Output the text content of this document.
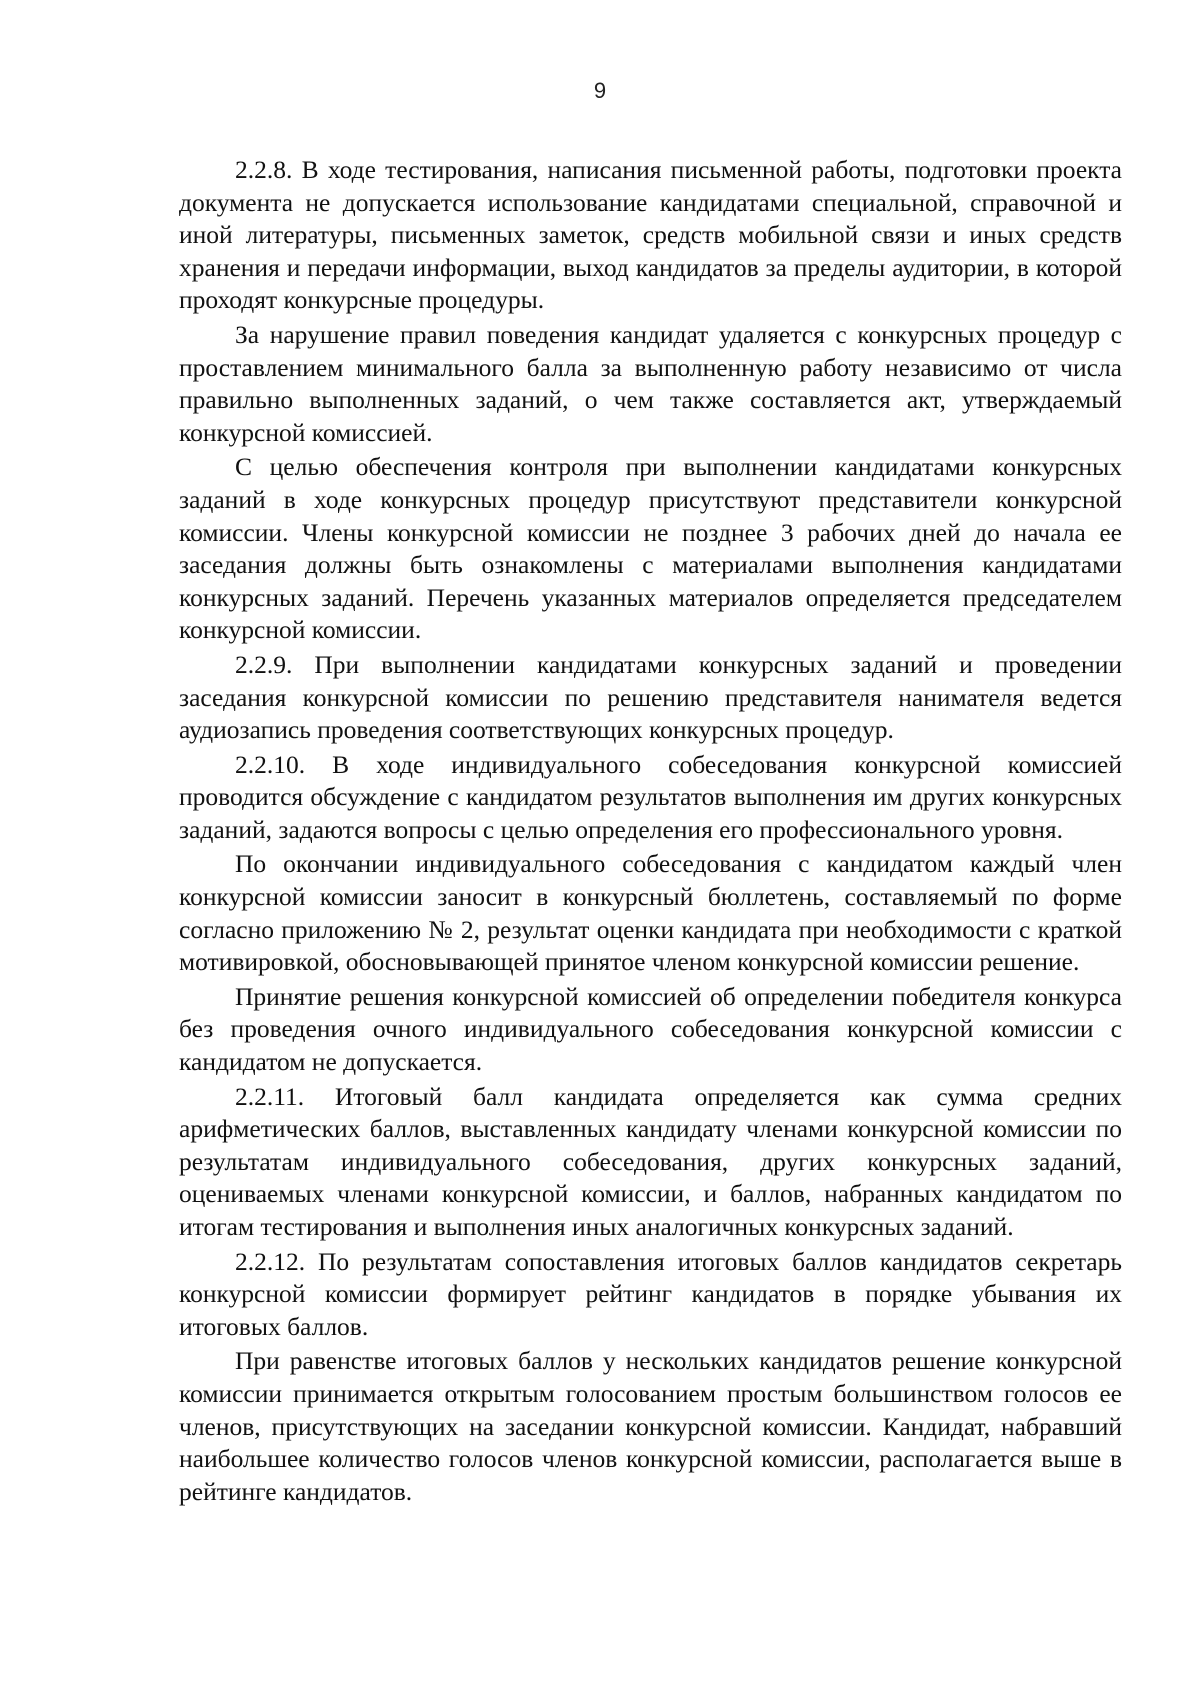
9

2.2.8. В ходе тестирования, написания письменной работы, подготовки проекта документа не допускается использование кандидатами специальной, справочной и иной литературы, письменных заметок, средств мобильной связи и иных средств хранения и передачи информации, выход кандидатов за пределы аудитории, в которой проходят конкурсные процедуры.

За нарушение правил поведения кандидат удаляется с конкурсных процедур с проставлением минимального балла за выполненную работу независимо от числа правильно выполненных заданий, о чем также составляется акт, утверждаемый конкурсной комиссией.

С целью обеспечения контроля при выполнении кандидатами конкурсных заданий в ходе конкурсных процедур присутствуют представители конкурсной комиссии. Члены конкурсной комиссии не позднее 3 рабочих дней до начала ее заседания должны быть ознакомлены с материалами выполнения кандидатами конкурсных заданий. Перечень указанных материалов определяется председателем конкурсной комиссии.

2.2.9. При выполнении кандидатами конкурсных заданий и проведении заседания конкурсной комиссии по решению представителя нанимателя ведется аудиозапись проведения соответствующих конкурсных процедур.

2.2.10. В ходе индивидуального собеседования конкурсной комиссией проводится обсуждение с кандидатом результатов выполнения им других конкурсных заданий, задаются вопросы с целью определения его профессионального уровня.

По окончании индивидуального собеседования с кандидатом каждый член конкурсной комиссии заносит в конкурсный бюллетень, составляемый по форме согласно приложению № 2, результат оценки кандидата при необходимости с краткой мотивировкой, обосновывающей принятое членом конкурсной комиссии решение.

Принятие решения конкурсной комиссией об определении победителя конкурса без проведения очного индивидуального собеседования конкурсной комиссии с кандидатом не допускается.

2.2.11. Итоговый балл кандидата определяется как сумма средних арифметических баллов, выставленных кандидату членами конкурсной комиссии по результатам индивидуального собеседования, других конкурсных заданий, оцениваемых членами конкурсной комиссии, и баллов, набранных кандидатом по итогам тестирования и выполнения иных аналогичных конкурсных заданий.

2.2.12. По результатам сопоставления итоговых баллов кандидатов секретарь конкурсной комиссии формирует рейтинг кандидатов в порядке убывания их итоговых баллов.

При равенстве итоговых баллов у нескольких кандидатов решение конкурсной комиссии принимается открытым голосованием простым большинством голосов ее членов, присутствующих на заседании конкурсной комиссии. Кандидат, набравший наибольшее количество голосов членов конкурсной комиссии, располагается выше в рейтинге кандидатов.
